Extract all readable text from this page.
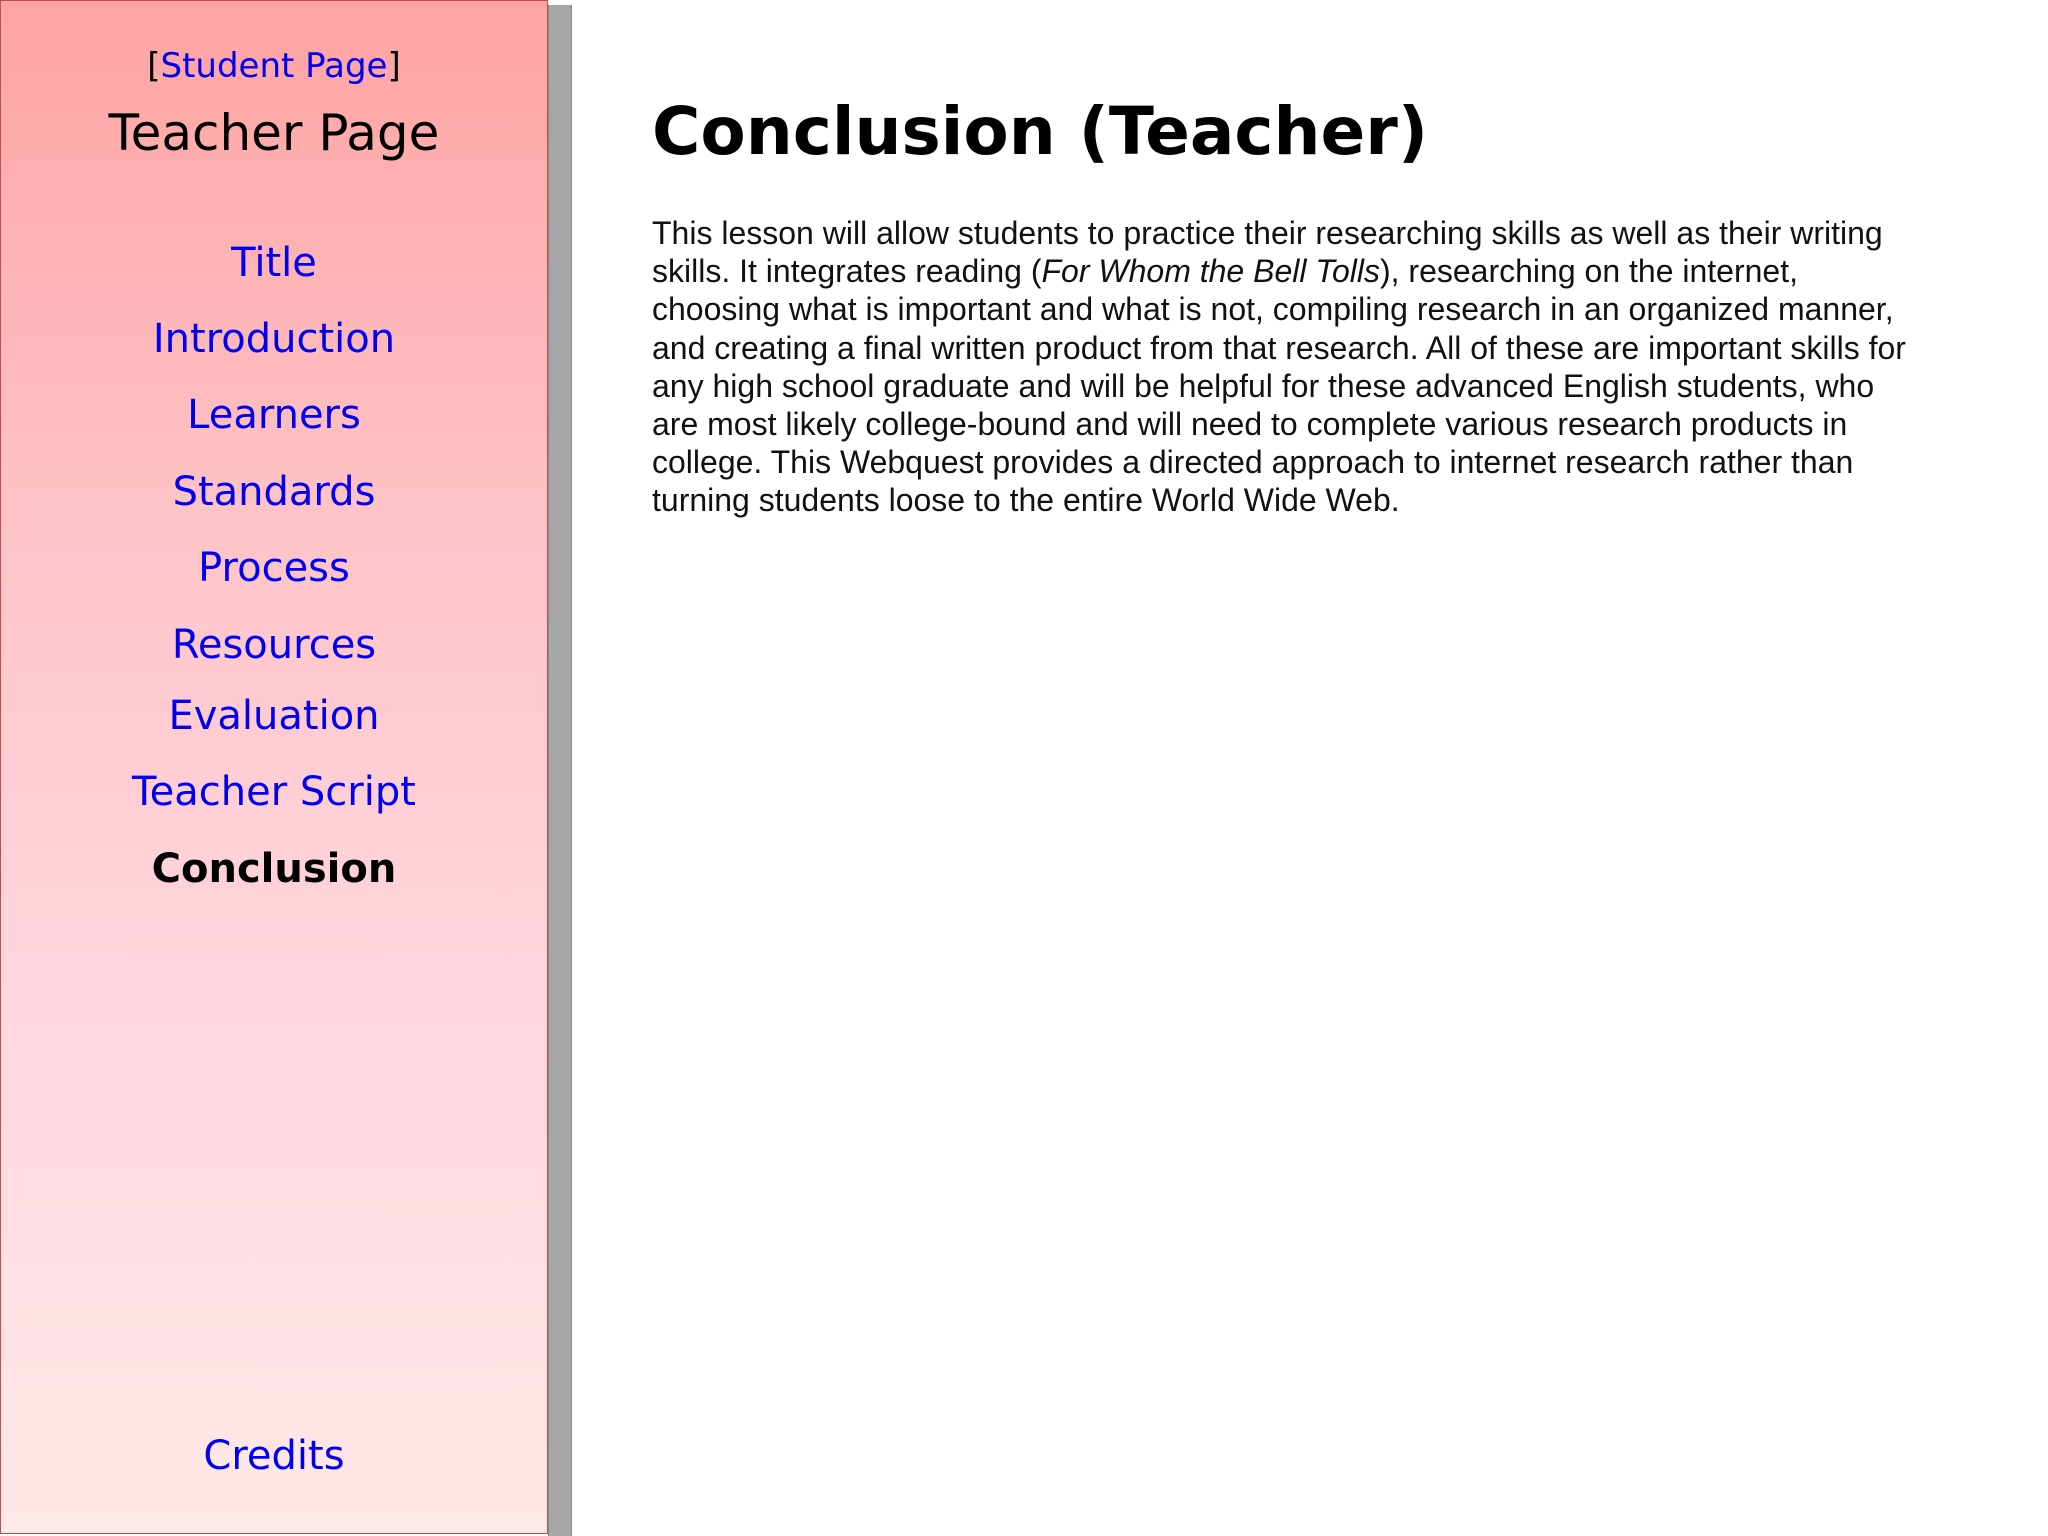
[Student Page]
Teacher Page
Title
Introduction
Learners
Standards
Process
Resources
Evaluation
Teacher Script
Conclusion
Credits
Conclusion (Teacher)

This lesson will allow students to practice their researching skills as well as their writing skills. It integrates reading (For Whom the Bell Tolls), researching on the internet, choosing what is important and what is not, compiling research in an organized manner, and creating a final written product from that research. All of these are important skills for any high school graduate and will be helpful for these advanced English students, who are most likely college-bound and will need to complete various research products in college. This Webquest provides a directed approach to internet research rather than turning students loose to the entire World Wide Web.
